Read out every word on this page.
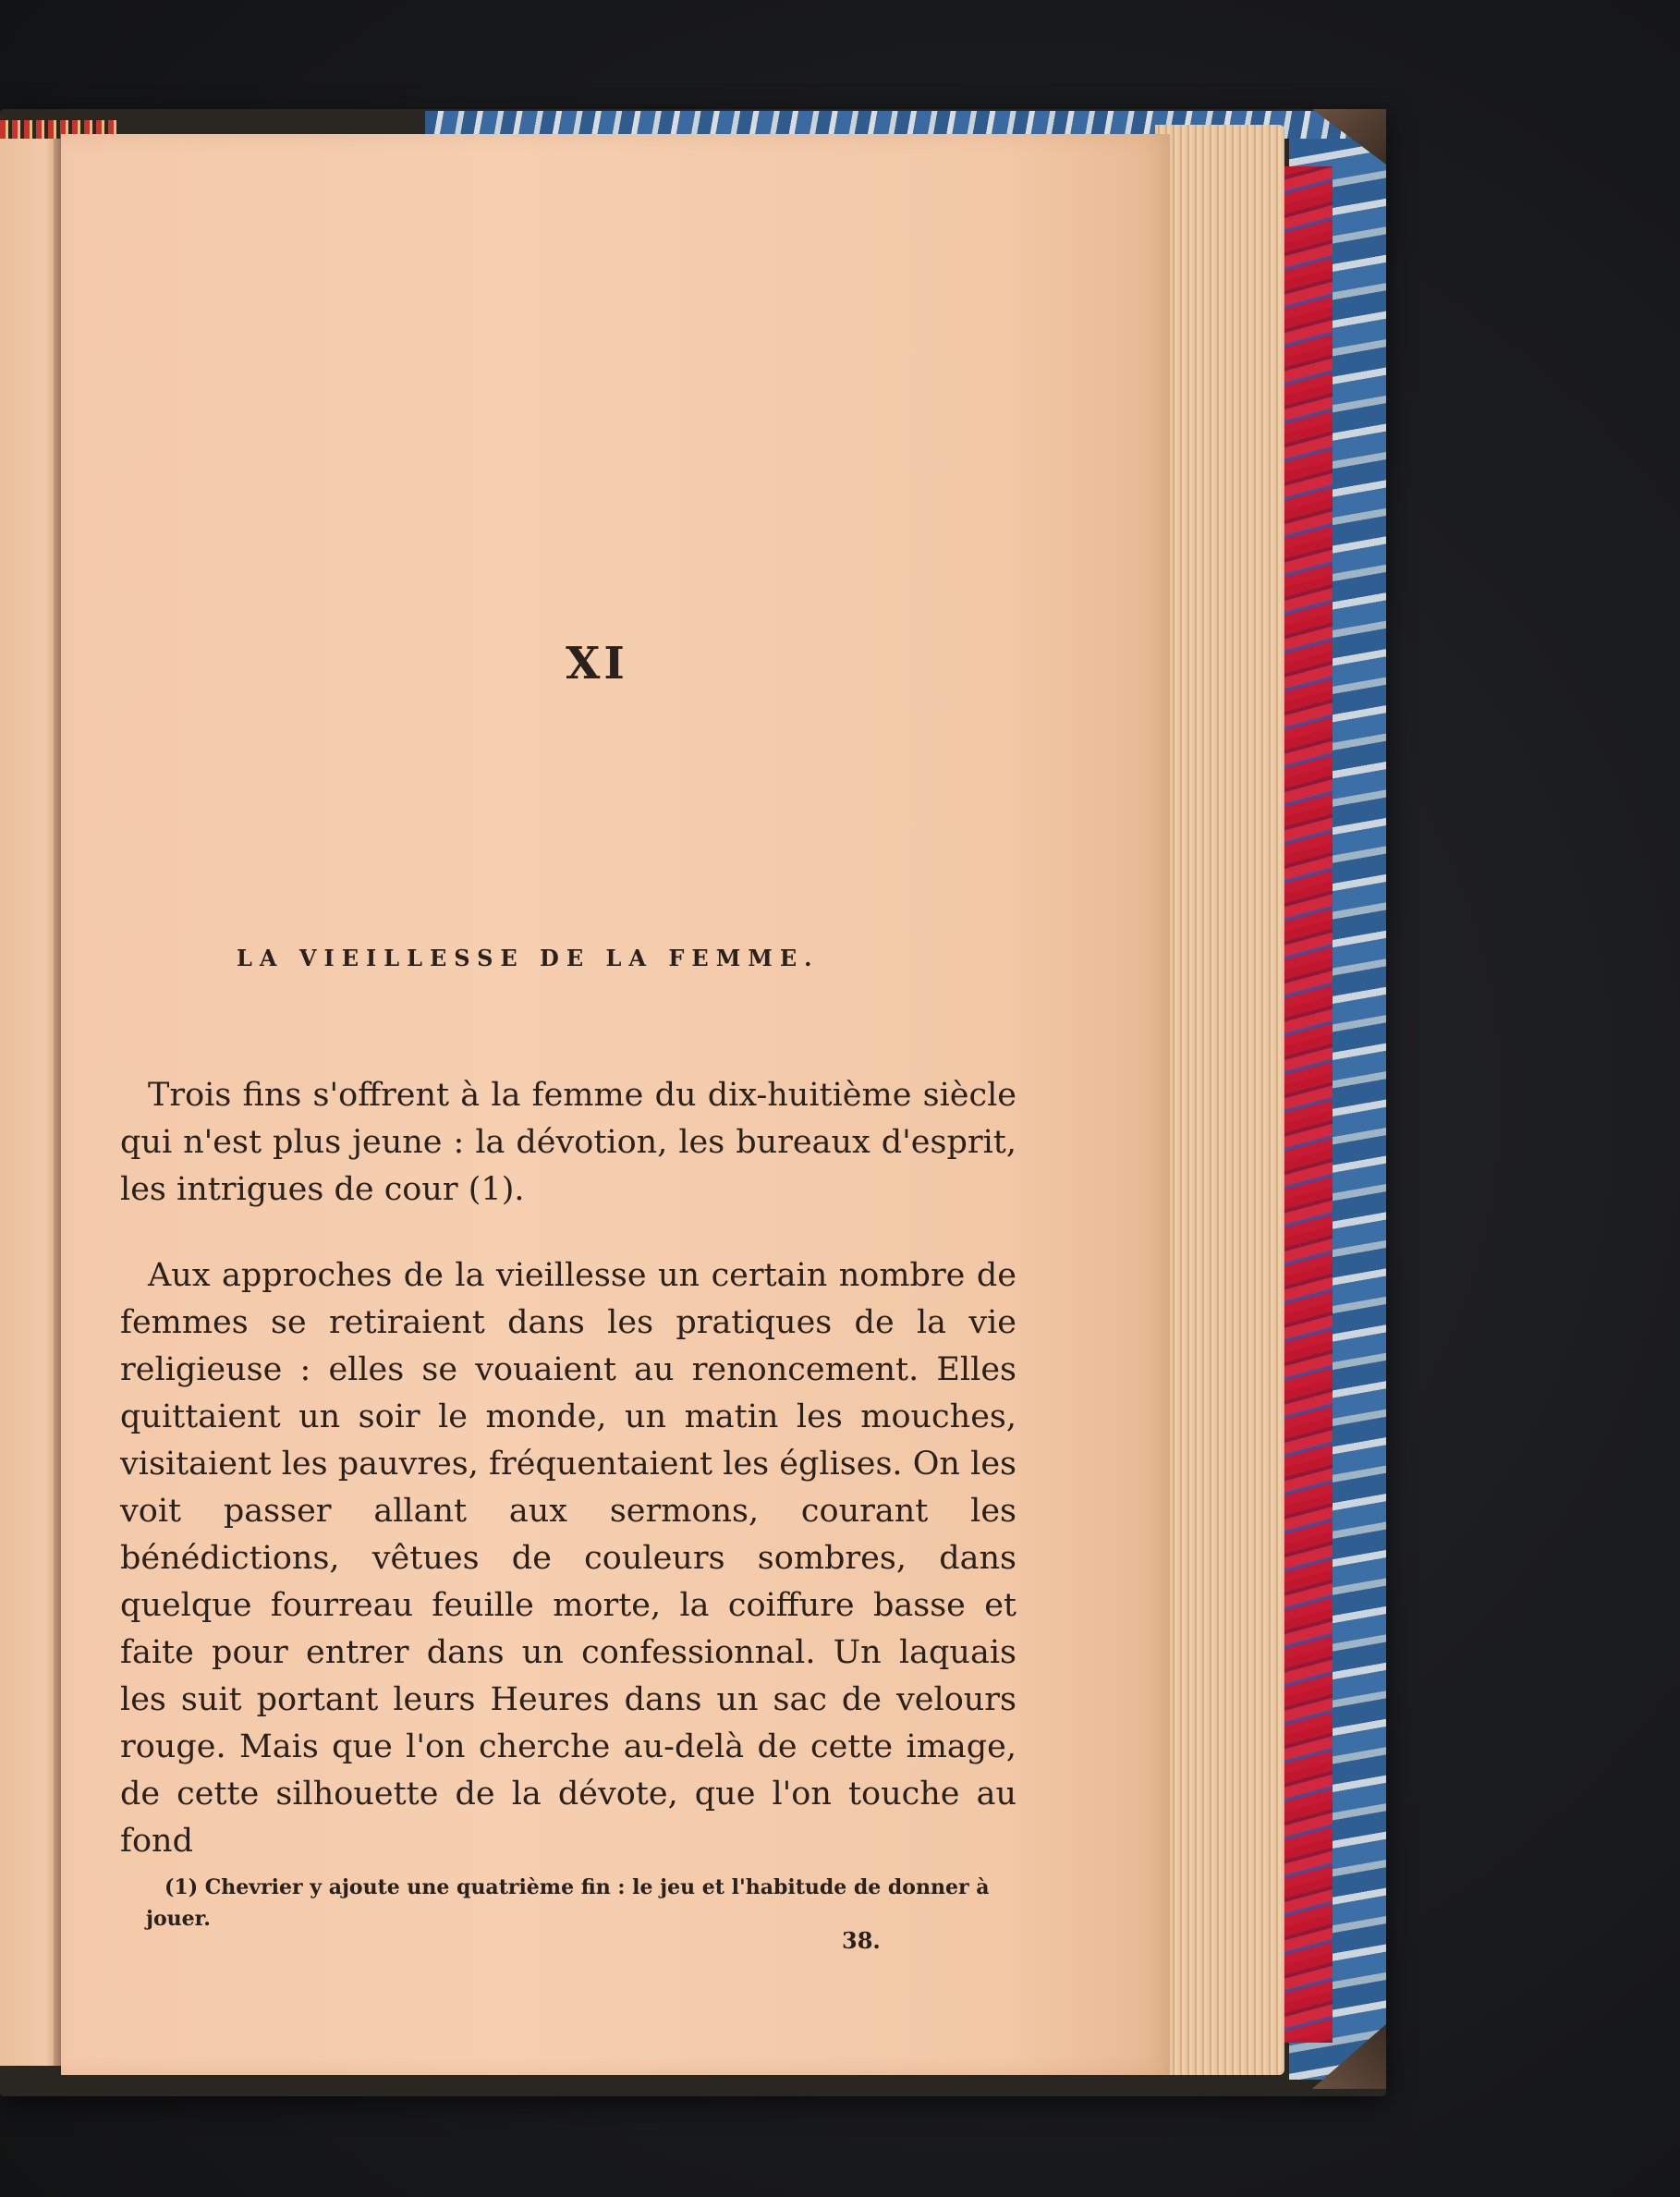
XI
LA VIEILLESSE DE LA FEMME.
Trois fins s'offrent à la femme du dix-huitième siècle qui n'est plus jeune : la dévotion, les bureaux d'esprit, les intrigues de cour (1).
Aux approches de la vieillesse un certain nombre de femmes se retiraient dans les pratiques de la vie religieuse : elles se vouaient au renoncement. Elles quittaient un soir le monde, un matin les mouches, visitaient les pauvres, fréquentaient les églises. On les voit passer allant aux sermons, courant les bénédictions, vêtues de couleurs sombres, dans quelque fourreau feuille morte, la coiffure basse et faite pour entrer dans un confessionnal. Un laquais les suit portant leurs Heures dans un sac de velours rouge. Mais que l'on cherche au-delà de cette image, de cette silhouette de la dévote, que l'on touche au fond
(1) Chevrier y ajoute une quatrième fin : le jeu et l'habitude de donner à jouer.
38.
